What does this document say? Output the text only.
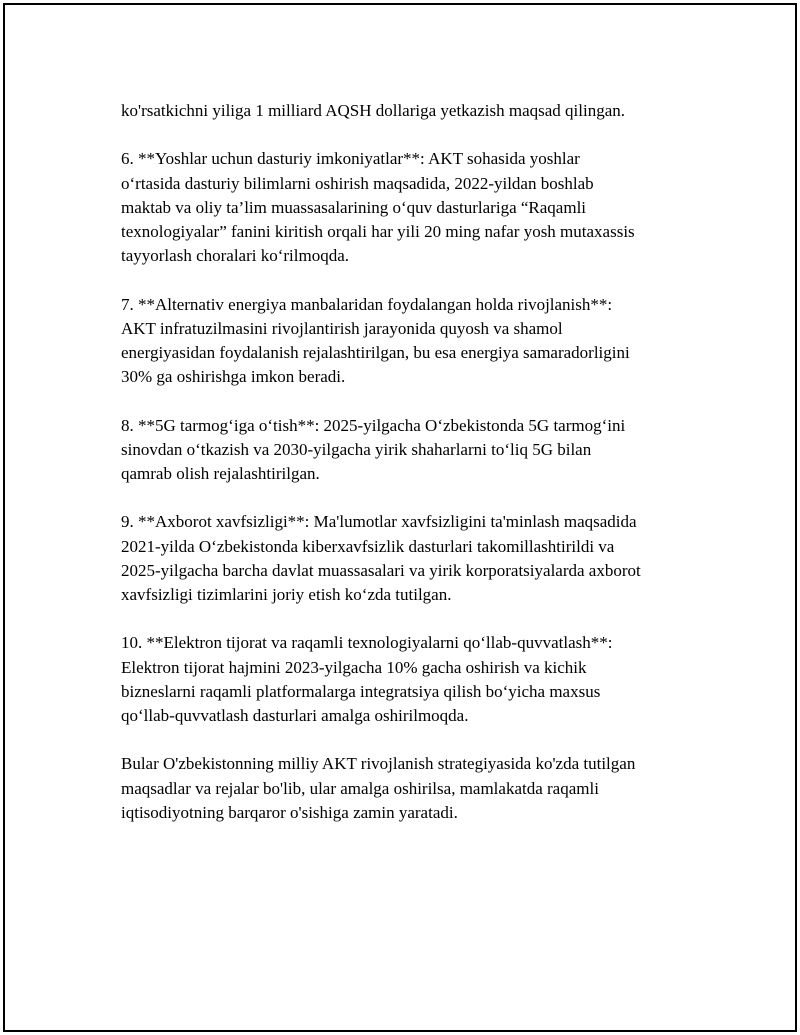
ko'rsatkichni yiliga 1 milliard AQSH dollariga yetkazish maqsad qilingan.

6. **Yoshlar uchun dasturiy imkoniyatlar**: AKT sohasida yoshlar
o‘rtasida dasturiy bilimlarni oshirish maqsadida, 2022-yildan boshlab
maktab va oliy ta’lim muassasalarining o‘quv dasturlariga “Raqamli
texnologiyalar” fanini kiritish orqali har yili 20 ming nafar yosh mutaxassis
tayyorlash choralari ko‘rilmoqda.

7. **Alternativ energiya manbalaridan foydalangan holda rivojlanish**:
AKT infratuzilmasini rivojlantirish jarayonida quyosh va shamol
energiyasidan foydalanish rejalashtirilgan, bu esa energiya samaradorligini
30% ga oshirishga imkon beradi.

8. **5G tarmog‘iga o‘tish**: 2025-yilgacha O‘zbekistonda 5G tarmog‘ini
sinovdan o‘tkazish va 2030-yilgacha yirik shaharlarni to‘liq 5G bilan
qamrab olish rejalashtirilgan.

9. **Axborot xavfsizligi**: Ma'lumotlar xavfsizligini ta'minlash maqsadida
2021-yilda O‘zbekistonda kiberxavfsizlik dasturlari takomillashtirildi va
2025-yilgacha barcha davlat muassasalari va yirik korporatsiyalarda axborot
xavfsizligi tizimlarini joriy etish ko‘zda tutilgan.

10. **Elektron tijorat va raqamli texnologiyalarni qo‘llab-quvvatlash**:
Elektron tijorat hajmini 2023-yilgacha 10% gacha oshirish va kichik
bizneslarni raqamli platformalarga integratsiya qilish bo‘yicha maxsus
qo‘llab-quvvatlash dasturlari amalga oshirilmoqda.

Bular O'zbekistonning milliy AKT rivojlanish strategiyasida ko'zda tutilgan
maqsadlar va rejalar bo'lib, ular amalga oshirilsa, mamlakatda raqamli
iqtisodiyotning barqaror o'sishiga zamin yaratadi.
